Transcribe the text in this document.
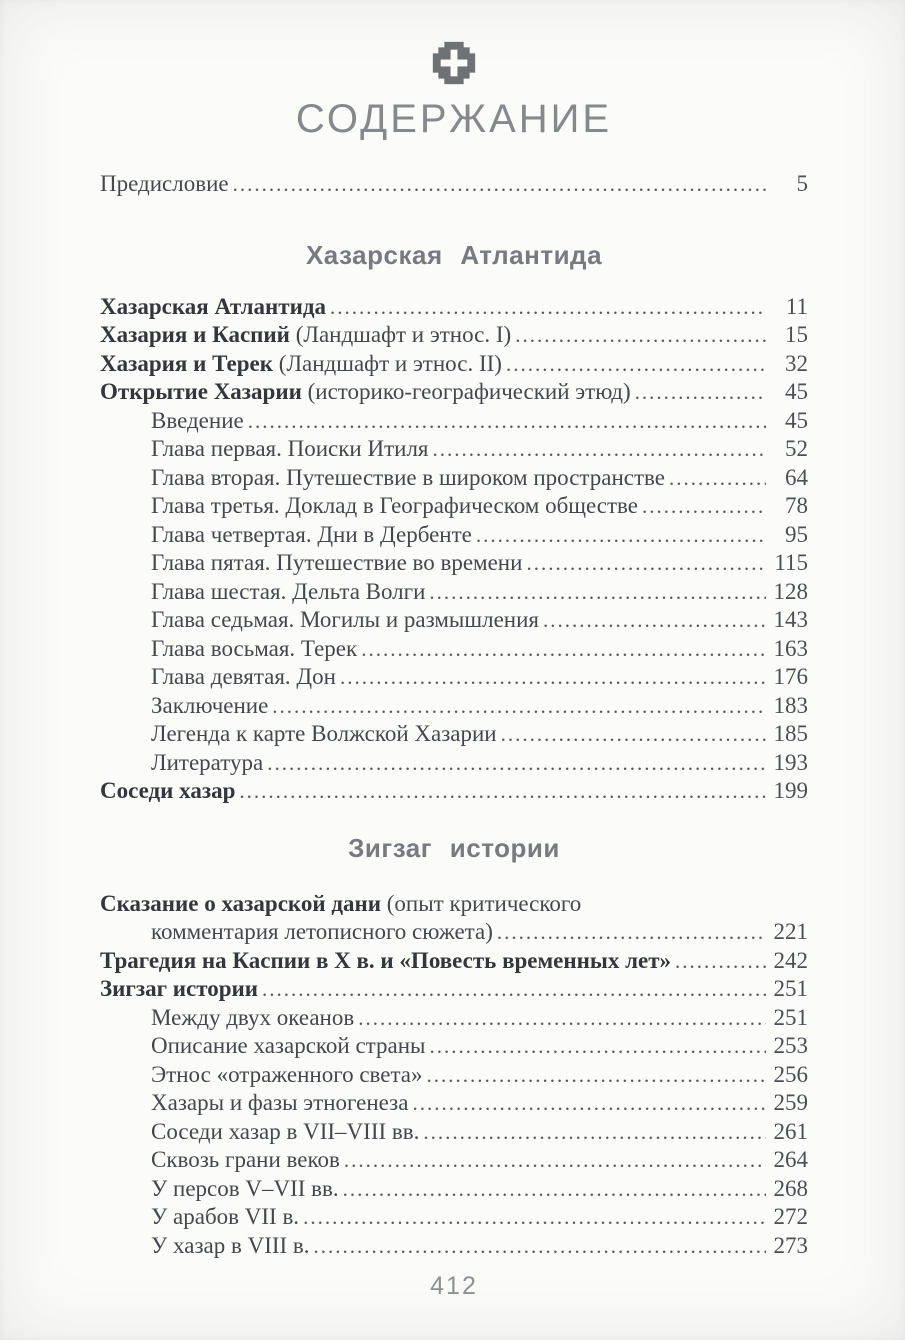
СОДЕРЖАНИЕ
Предисловие .....	5
Хазарская Атлантида
Хазарская Атлантида .....	11
Хазария и Каспий (Ландшафт и этнос. I) .....	15
Хазария и Терек (Ландшафт и этнос. II) .....	32
Открытие Хазарии (историко-географический этюд) .....	45
Введение .....	45
Глава первая. Поиски Итиля .....	52
Глава вторая. Путешествие в широком пространстве .....	64
Глава третья. Доклад в Географическом обществе .....	78
Глава четвертая. Дни в Дербенте .....	95
Глава пятая. Путешествие во времени .....	115
Глава шестая. Дельта Волги .....	128
Глава седьмая. Могилы и размышления .....	143
Глава восьмая. Терек .....	163
Глава девятая. Дон .....	176
Заключение .....	183
Легенда к карте Волжской Хазарии .....	185
Литература .....	193
Соседи хазар .....	199
Зигзаг истории
Сказание о хазарской дани (опыт критического
комментария летописного сюжета) .....	221
Трагедия на Каспии в X в. и «Повесть временных лет» .....	242
Зигзаг истории .....	251
Между двух океанов .....	251
Описание хазарской страны .....	253
Этнос «отраженного света» .....	256
Хазары и фазы этногенеза .....	259
Соседи хазар в VII–VIII вв. .....	261
Сквозь грани веков .....	264
У персов V–VII вв. .....	268
У арабов VII в. .....	272
У хазар в VIII в. .....	273
412
